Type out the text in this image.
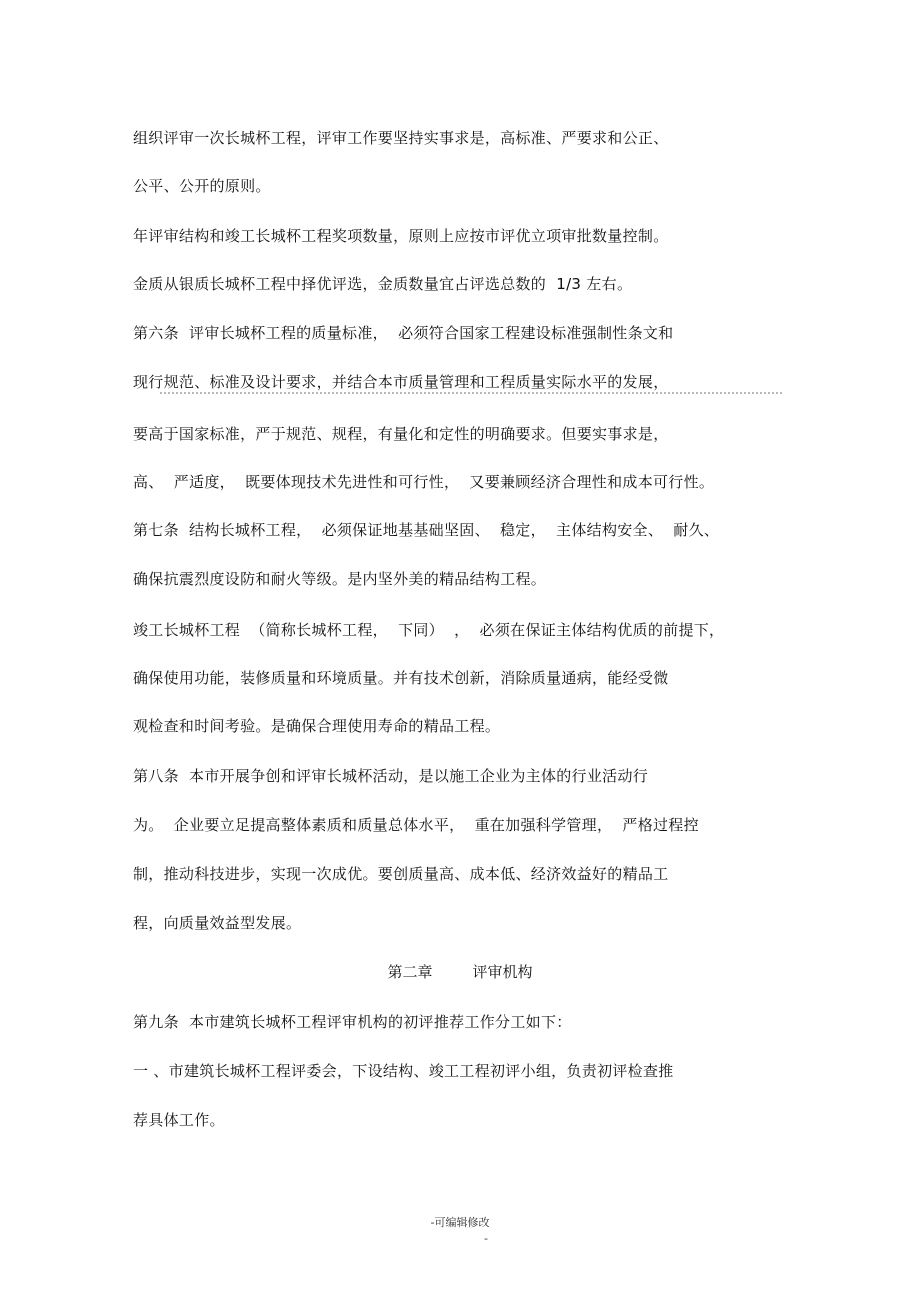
组织评审一次长城杯工程，评审工作要坚持实事求是，高标准、严要求和公正、
公平、公开的原则。
年评审结构和竣工长城杯工程奖项数量，原则上应按市评优立项审批数量控制。
金质从银质长城杯工程中择优评选，金质数量宜占评选总数的  1/3 左右。
第六条  评审长城杯工程的质量标准，  必须符合国家工程建设标准强制性条文和
现行规范、标准及设计要求，并结合本市质量管理和工程质量实际水平的发展，
要高于国家标准，严于规范、规程，有量化和定性的明确要求。但要实事求是，
高、  严适度，  既要体现技术先进性和可行性，  又要兼顾经济合理性和成本可行性。
第七条  结构长城杯工程，  必须保证地基基础坚固、  稳定，  主体结构安全、  耐久、
确保抗震烈度设防和耐火等级。是内坚外美的精品结构工程。
竣工长城杯工程  （简称长城杯工程，  下同）  ，  必须在保证主体结构优质的前提下，
确保使用功能，装修质量和环境质量。并有技术创新，消除质量通病，能经受微
观检查和时间考验。是确保合理使用寿命的精品工程。
第八条  本市开展争创和评审长城杯活动，是以施工企业为主体的行业活动行
为。  企业要立足提高整体素质和质量总体水平，  重在加强科学管理，  严格过程控
制，推动科技进步，实现一次成优。要创质量高、成本低、经济效益好的精品工
程，向质量效益型发展。
第二章	评审机构
第九条  本市建筑长城杯工程评审机构的初评推荐工作分工如下：
一 、市建筑长城杯工程评委会，下设结构、竣工工程初评小组，负责初评检查推
荐具体工作。
-可编辑修改
-
